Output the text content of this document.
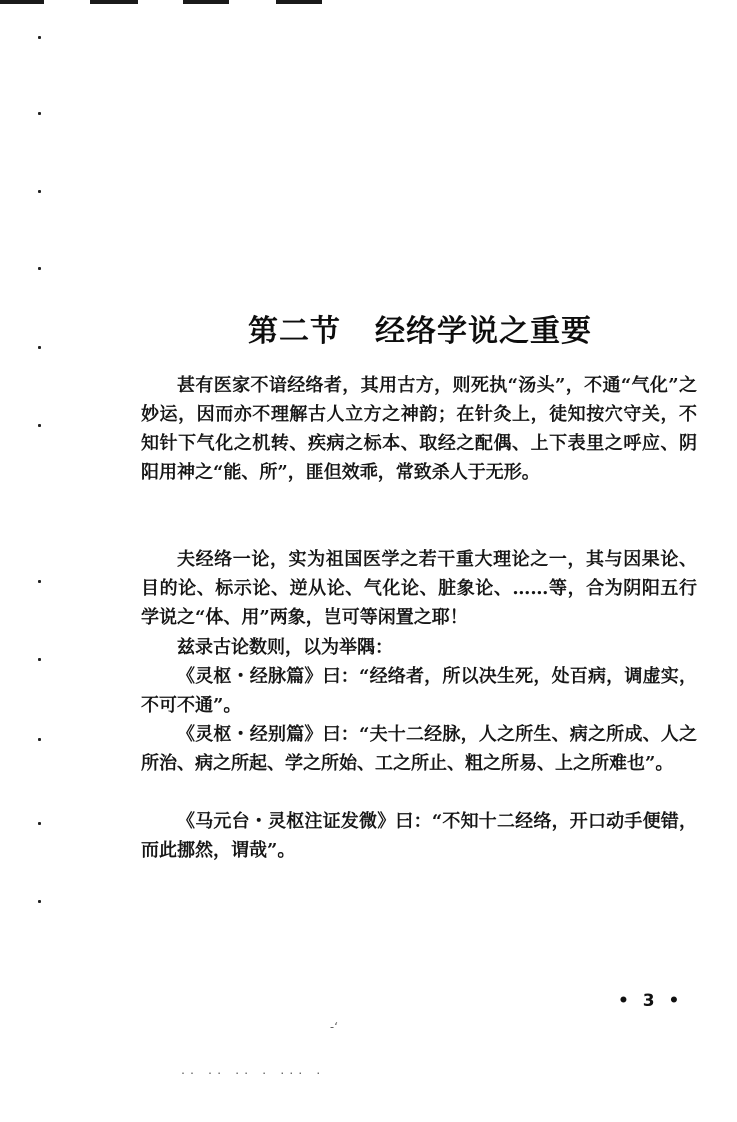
第二节 经络学说之重要

甚有医家不谙经络者，其用古方，则死执“汤头”，不通“气化”之妙运，因而亦不理解古人立方之神韵；在针灸上，徒知按穴守关，不知针下气化之机转、疾病之标本、取经之配偶、上下表里之呼应、阴阳用神之“能、所”，匪但效乖，常致杀人于无形。

夫经络一论，实为祖国医学之若干重大理论之一，其与因果论、目的论、标示论、逆从论、气化论、脏象论、……等，合为阴阳五行学说之“体、用”两象，岂可等闲置之耶！

兹录古论数则，以为举隅：

《灵枢・经脉篇》曰：“经络者，所以决生死，处百病，调虚实，不可不通”。

《灵枢・经别篇》曰：“夫十二经脉，人之所生、病之所成、人之所治、病之所起、学之所始、工之所止、粗之所易、上之所难也”。

《马元台・灵枢注证发微》曰：“不知十二经络，开口动手便错，而此挪然，谓哉”。

• 3 •
-‘
.. .. .. . ... .
